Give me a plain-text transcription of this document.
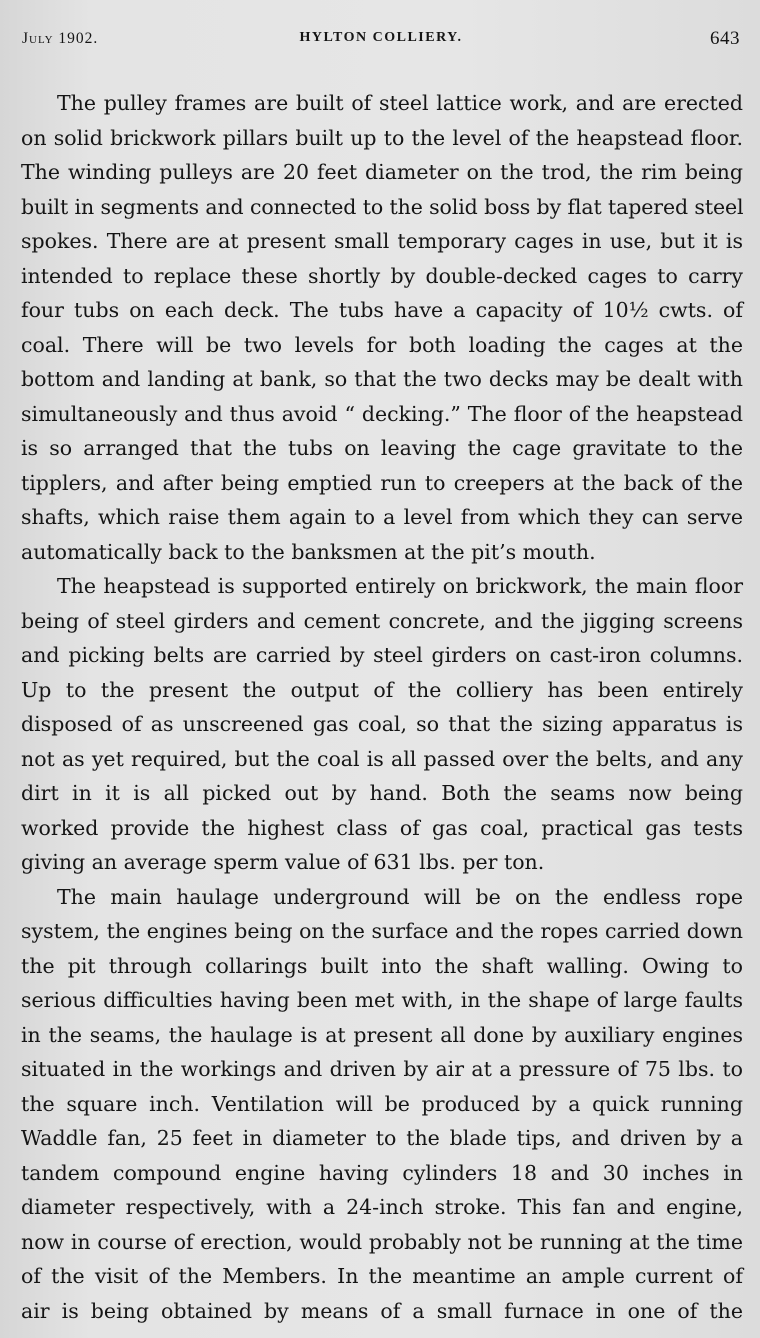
July 1902.	HYLTON COLLIERY.	643

The pulley frames are built of steel lattice work, and are erected
on solid brickwork pillars built up to the level of the heapstead floor.
The winding pulleys are 20 feet diameter on the trod, the rim being
built in segments and connected to the solid boss by flat tapered steel
spokes. There are at present small temporary cages in use, but it is
intended to replace these shortly by double-decked cages to carry
four tubs on each deck. The tubs have a capacity of 10½ cwts. of
coal. There will be two levels for both loading the cages at the
bottom and landing at bank, so that the two decks may be dealt with
simultaneously and thus avoid “ decking.” The floor of the heapstead
is so arranged that the tubs on leaving the cage gravitate to the
tipplers, and after being emptied run to creepers at the back of the
shafts, which raise them again to a level from which they can serve
automatically back to the banksmen at the pit’s mouth.

The heapstead is supported entirely on brickwork, the main floor
being of steel girders and cement concrete, and the jigging screens
and picking belts are carried by steel girders on cast-iron columns.
Up to the present the output of the colliery has been entirely
disposed of as unscreened gas coal, so that the sizing apparatus is
not as yet required, but the coal is all passed over the belts, and any
dirt in it is all picked out by hand. Both the seams now being
worked provide the highest class of gas coal, practical gas tests
giving an average sperm value of 631 lbs. per ton.

The main haulage underground will be on the endless rope
system, the engines being on the surface and the ropes carried down
the pit through collarings built into the shaft walling. Owing to
serious difficulties having been met with, in the shape of large faults
in the seams, the haulage is at present all done by auxiliary engines
situated in the workings and driven by air at a pressure of 75 lbs. to
the square inch. Ventilation will be produced by a quick running
Waddle fan, 25 feet in diameter to the blade tips, and driven by a
tandem compound engine having cylinders 18 and 30 inches in
diameter respectively, with a 24-inch stroke. This fan and engine,
now in course of erection, would probably not be running at the time
of the visit of the Members. In the meantime an ample current of
air is being obtained by means of a small furnace in one of the
